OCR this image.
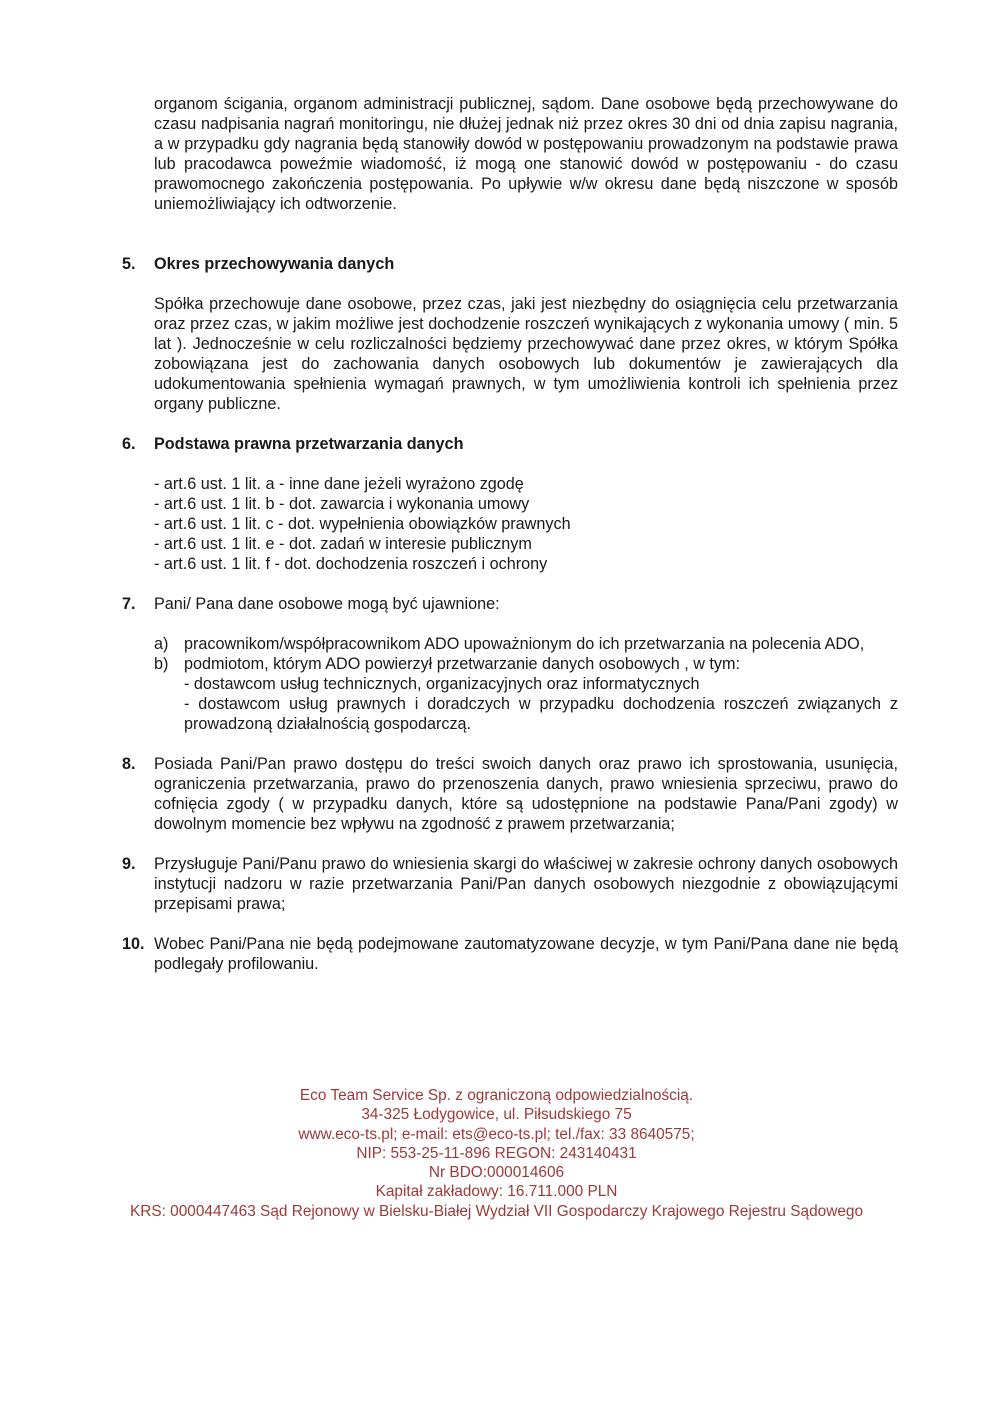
organom ścigania, organom administracji publicznej, sądom. Dane osobowe będą przechowywane do czasu nadpisania nagrań monitoringu, nie dłużej jednak niż przez okres 30 dni od dnia zapisu nagrania, a w przypadku gdy nagrania będą stanowiły dowód w postępowaniu prowadzonym na podstawie prawa lub pracodawca poweźmie wiadomość, iż mogą one stanowić dowód w postępowaniu - do czasu prawomocnego zakończenia postępowania. Po upływie w/w okresu dane będą niszczone w sposób uniemożliwiający ich odtworzenie.

5. Okres przechowywania danych

Spółka przechowuje dane osobowe, przez czas, jaki jest niezbędny do osiągnięcia celu przetwarzania oraz przez czas, w jakim możliwe jest dochodzenie roszczeń wynikających z wykonania umowy ( min. 5 lat ). Jednocześnie w celu rozliczalności będziemy przechowywać dane przez okres, w którym Spółka zobowiązana jest do zachowania danych osobowych lub dokumentów je zawierających dla udokumentowania spełnienia wymagań prawnych, w tym umożliwienia kontroli ich spełnienia przez organy publiczne.

6. Podstawa prawna przetwarzania danych

- art.6 ust. 1 lit. a - inne dane jeżeli wyrażono zgodę
- art.6 ust. 1 lit. b - dot. zawarcia i wykonania umowy
- art.6 ust. 1 lit. c - dot. wypełnienia obowiązków prawnych
- art.6 ust. 1 lit. e - dot. zadań w interesie publicznym
- art.6 ust. 1 lit. f - dot. dochodzenia roszczeń i ochrony
7. Pani/ Pana dane osobowe mogą być ujawnione:

a) pracownikom/współpracownikom ADO upoważnionym do ich przetwarzania na polecenia ADO,

b) podmiotom, którym ADO powierzył przetwarzanie danych osobowych , w tym:

- dostawcom usług technicznych, organizacyjnych oraz informatycznych

- dostawcom usług prawnych i doradczych w przypadku dochodzenia roszczeń związanych z prowadzoną działalnością gospodarczą.

8. Posiada Pani/Pan prawo dostępu do treści swoich danych oraz prawo ich sprostowania, usunięcia, ograniczenia przetwarzania, prawo do przenoszenia danych, prawo wniesienia sprzeciwu, prawo do cofnięcia zgody ( w przypadku danych, które są udostępnione na podstawie Pana/Pani zgody) w dowolnym momencie bez wpływu na zgodność z prawem przetwarzania;

9. Przysługuje Pani/Panu prawo do wniesienia skargi do właściwej w zakresie ochrony danych osobowych instytucji nadzoru w razie przetwarzania Pani/Pan danych osobowych niezgodnie z obowiązującymi przepisami prawa;

10. Wobec Pani/Pana nie będą podejmowane zautomatyzowane decyzje, w tym Pani/Pana dane nie będą podlegały profilowaniu.

Eco Team Service Sp. z ograniczoną odpowiedzialnością.
34-325 Łodygowice, ul. Piłsudskiego 75
www.eco-ts.pl; e-mail: ets@eco-ts.pl; tel./fax: 33 8640575;
NIP: 553-25-11-896 REGON: 243140431
Nr BDO:000014606
Kapitał zakładowy: 16.711.000 PLN
KRS: 0000447463 Sąd Rejonowy w Bielsku-Białej Wydział VII Gospodarczy Krajowego Rejestru Sądowego
